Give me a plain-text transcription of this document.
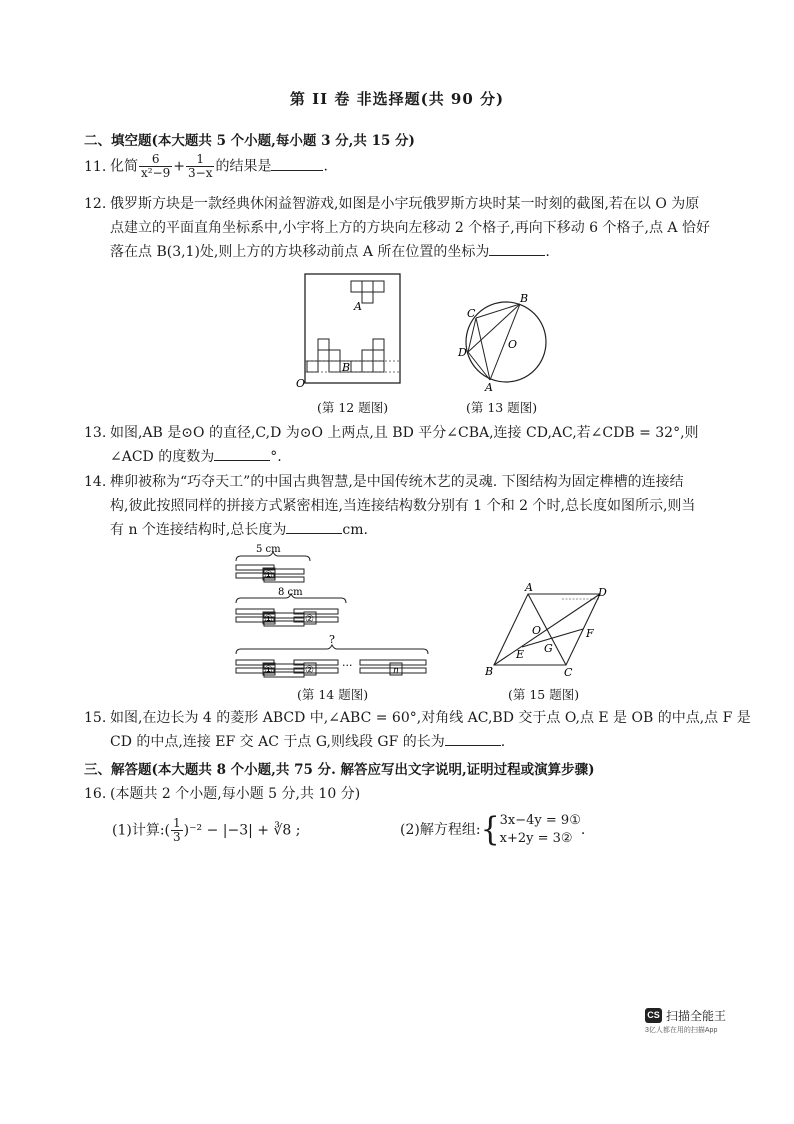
第 II 卷 非选择题(共 90 分)
二、填空题(本大题共 5 个小题,每小题 3 分,共 15 分)
11. 化简 $\frac{6}{\text{x²−9}} + \frac{1}{3-x}$ 的结果是	.
12. 俄罗斯方块是一款经典休闲益智游戏,如图是小宇玩俄罗斯方块时某一时刻的截图,若在以 O 为原
点建立的平面直角坐标系中,小宇将上方的方块向左移动 2 个格子,再向下移动 6 个格子,点 A 恰好
落在点 B(3,1)处,则上方的方块移动前点 A 所在位置的坐标为	.
A
B
O
(第 12 题图)
B
C
D
O
A
(第 13 题图)
13. 如图,AB 是⊙O 的直径,C,D 为⊙O 上两点,且 BD 平分∠CBA,连接 CD,AC,若∠CDB = 32°,则
∠ACD 的度数为	°.
14. 榫卯被称为“巧夺天工”的中国古典智慧,是中国传统木艺的灵魂. 下图结构为固定榫槽的连接结
构,彼此按照同样的拼接方式紧密相连,当连接结构数分别有 1 个和 2 个时,总长度如图所示,则当
有 n 个连接结构时,总长度为	cm.
5 cm
8 cm
?
①
①	②
①	②	···	n
(第 14 题图)
A	D
O	F
E G
B	C
(第 15 题图)
15. 如图,在边长为 4 的菱形 ABCD 中,∠ABC = 60°,对角线 AC,BD 交于点 O,点 E 是 OB 的中点,点 F 是
CD 的中点,连接 EF 交 AC 于点 G,则线段 GF 的长为	.
三、解答题(本大题共 8 个小题,共 75 分. 解答应写出文字说明,证明过程或演算步骤)
16. (本题共 2 个小题,每小题 5 分,共 10 分)
(1)计算:( $\frac{1}{3} )^{-2} - |-3|$ + ∛8 ;	(2)解方程组:{ 3x−4y = 9①
x+2y = 3②
.
CS 扫描全能王
3亿人都在用的扫描App
